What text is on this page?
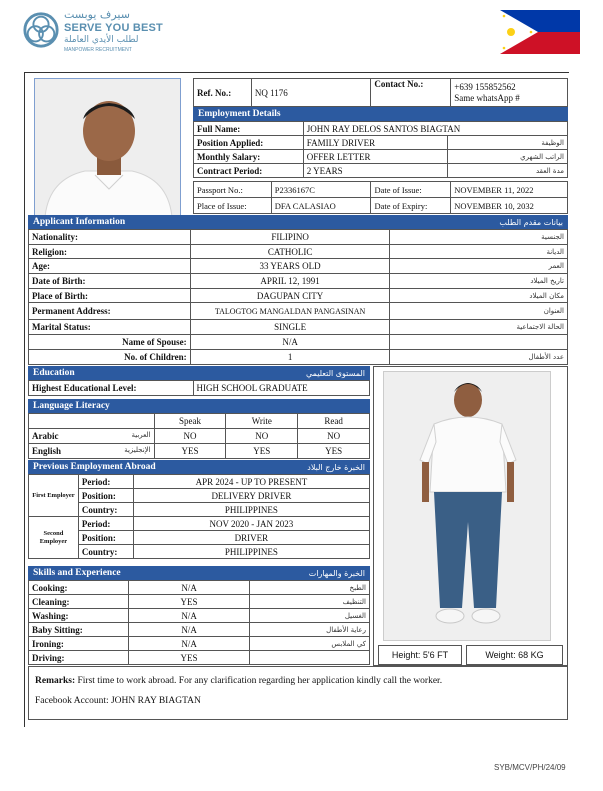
سيرف يوبست
SERVE YOU BEST
لطلب الأيدي العاملة
MANPOWER RECRUITMENT
Ref. No.:	NQ 1176	Contact No.:	+639 155852562
Same whatsApp #
Employment Details
Full Name:	JOHN RAY DELOS SANTOS BIAGTAN	
Position Applied:	FAMILY DRIVER	الوظيفة
Monthly Salary:	OFFER LETTER	الراتب الشهري
Contract Period:	2 YEARS	مدة العقد
Passport No.:	P2336167C	Date of Issue:	NOVEMBER 11, 2022
Place of Issue:	DFA CALASIAO	Date of Expiry:	NOVEMBER 10, 2032
Applicant Information	بيانات مقدم الطلب
Nationality:	FILIPINO	الجنسية
Religion:	CATHOLIC	الديانة
Age:	33 YEARS OLD	العمر
Date of Birth:	APRIL 12, 1991	تاريخ الميلاد
Place of Birth:	DAGUPAN CITY	مكان الميلاد
Permanent Address:	TALOGTOG MANGALDAN PANGASINAN	العنوان
Marital Status:	SINGLE	الحالة الاجتماعية
Name of Spouse:	N/A	
No. of Children:	1	عدد الأطفال
Education	المستوى التعليمي
Highest Educational Level:	HIGH SCHOOL GRADUATE
Language Literacy
	Speak	Write	Read
Arabic العربية	NO	NO	NO
English الإنجليزية	YES	YES	YES
Previous Employment Abroad	الخبرة خارج البلاد
First Employer	Period:	APR 2024 - UP TO PRESENT
	Position:	DELIVERY DRIVER
	Country:	PHILIPPINES
Second Employer	Period:	NOV 2020 - JAN 2023
	Position:	DRIVER
	Country:	PHILIPPINES
Skills and Experience	الخبرة والمهارات
Cooking:	N/A	الطبخ
Cleaning:	YES	التنظيف
Washing:	N/A	الغسيل
Baby Sitting:	N/A	رعاية الأطفال
Ironing:	N/A	كي الملابس
Driving:	YES		Height: 5'6 FT	Weight: 68 KG
Remarks: First time to work abroad. For any clarification regarding her application kindly call the worker.
Facebook Account: JOHN RAY BIAGTAN
SYB/MCV/PH/24/09
